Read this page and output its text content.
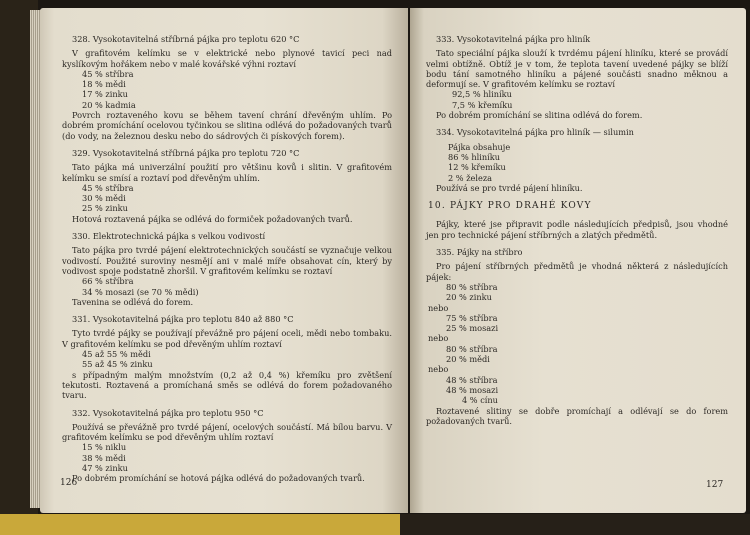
328. Vysokotavitelná stříbrná pájka pro teplotu 620 °C
V grafitovém kelímku se v elektrické nebo plynové tavicí peci nad kyslíkovým hořákem nebo v malé kovářské výhni roztaví
45 % stříbra
18 % mědi
17 % zinku
20 % kadmia
Povrch roztaveného kovu se během tavení chrání dřevěným uhlím. Po dobrém promíchání ocelovou tyčinkou se slitina odlévá do požadovaných tvarů (do vody, na železnou desku nebo do sádrových či pískových forem).
329. Vysokotavitelná stříbrná pájka pro teplotu 720 °C
Tato pájka má univerzální použití pro většinu kovů i slitin. V grafitovém kelímku se smísí a roztaví pod dřevěným uhlím.
45 % stříbra
30 % mědi
25 % zinku
Hotová roztavená pájka se odlévá do formiček požadovaných tvarů.
330. Elektrotechnická pájka s velkou vodivostí
Tato pájka pro tvrdé pájení elektrotechnických součástí se vyznačuje velkou vodivostí. Použité suroviny nesmějí ani v malé míře obsahovat cín, který by vodivost spoje podstatně zhoršil. V grafitovém kelímku se roztaví
66 % stříbra
34 % mosazi (se 70 % mědi)
Tavenina se odlévá do forem.
331. Vysokotavitelná pájka pro teplotu 840 až 880 °C
Tyto tvrdé pájky se používají převážně pro pájení oceli, mědi nebo tombaku. V grafitovém kelímku se pod dřevěným uhlím roztaví
45 až 55 % mědi
55 až 45 % zinku
s případným malým množstvím (0,2 až 0,4 %) křemíku pro zvětšení tekutosti. Roztavená a promíchaná směs se odlévá do forem požadovaného tvaru.
332. Vysokotavitelná pájka pro teplotu 950 °C
Používá se převážně pro tvrdé pájení, ocelových součástí. Má bílou barvu. V grafitovém kelímku se pod dřevěným uhlím roztaví
15 % niklu
38 % mědi
47 % zinku
Po dobrém promíchání se hotová pájka odlévá do požadovaných tvarů.
126
333. Vysokotavitelná pájka pro hliník
Tato speciální pájka slouží k tvrdému pájení hliníku, které se provádí velmi obtížně. Obtíž je v tom, že teplota tavení uvedené pájky se blíží bodu tání samotného hliníku a pájené součásti snadno měknou a deformují se. V grafitovém kelímku se roztaví
92,5 % hliníku
7,5 % křemíku
Po dobrém promíchání se slitina odlévá do forem.
334. Vysokotavitelná pájka pro hliník — silumin
Pájka obsahuje
86 % hliníku
12 % křemíku
2 % železa
Používá se pro tvrdé pájení hliníku.
10. PÁJKY PRO DRAHÉ KOVY
Pájky, které jse připravit podle následujících předpisů, jsou vhodné jen pro technické pájení stříbrných a zlatých předmětů.
335. Pájky na stříbro
Pro pájení stříbrných předmětů je vhodná některá z následujících pájek:
80 % stříbra
20 % zinku
nebo
75 % stříbra
25 % mosazi
nebo
80 % stříbra
20 % mědi
nebo
48 % stříbra
48 % mosazi
4 % cínu
Roztavené slitiny se dobře promíchají a odlévají se do forem požadovaných tvarů.
127
